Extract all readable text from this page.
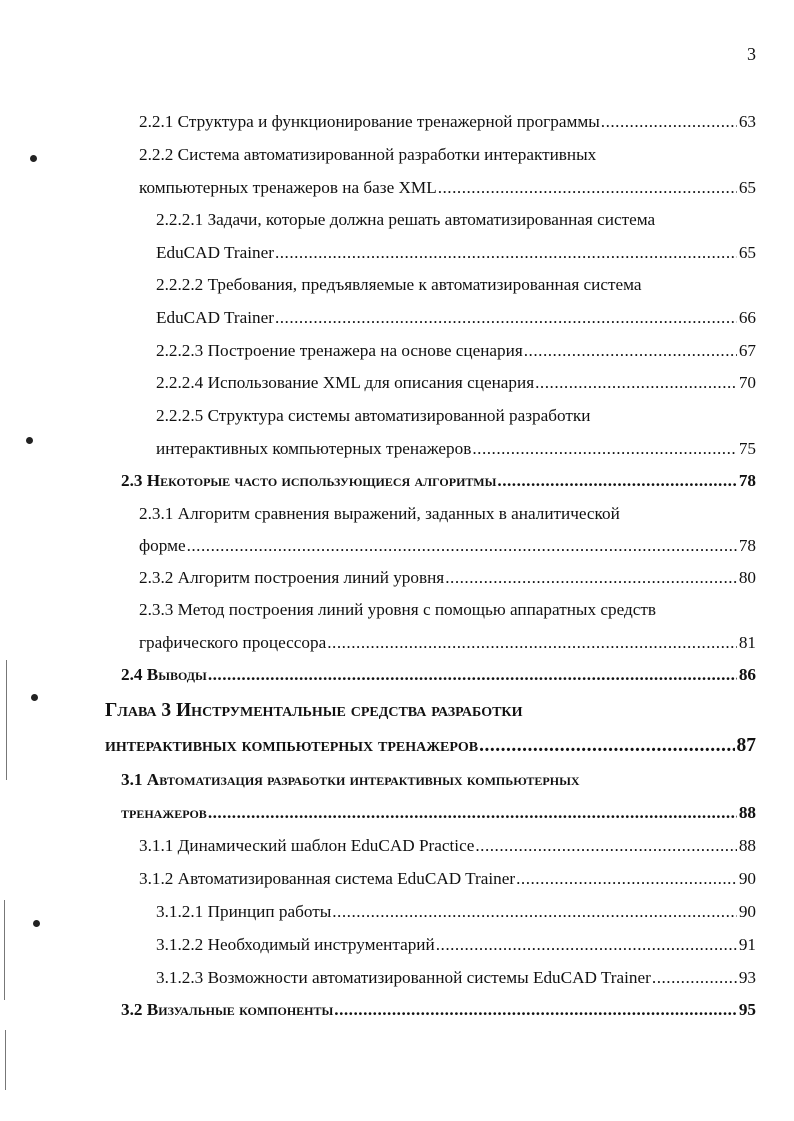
3
2.2.1 Структура и функционирование тренажерной программы .....	63
2.2.2 Система автоматизированной разработки интерактивных
компьютерных тренажеров на базе XML .....	65
2.2.2.1 Задачи, которые должна решать автоматизированная система
EduCAD Trainer .....	65
2.2.2.2 Требования, предъявляемые к автоматизированная система
EduCAD Trainer .....	66
2.2.2.3 Построение тренажера на основе сценария .....	67
2.2.2.4 Использование XML для описания сценария .....	70
2.2.2.5 Структура системы автоматизированной разработки
интерактивных компьютерных тренажеров .....	75
2.3 Некоторые часто использующиеся алгоритмы .....	78
2.3.1 Алгоритм сравнения выражений, заданных в аналитической
форме .....	78
2.3.2 Алгоритм построения линий уровня .....	80
2.3.3 Метод построения линий уровня с помощью аппаратных средств
графического процессора .....	81
2.4 Выводы .....	86
Глава 3 Инструментальные средства разработки
интерактивных компьютерных тренажеров .....	87
3.1 Автоматизация разработки интерактивных компьютерных
тренажеров .....	88
3.1.1 Динамический шаблон EduCAD Practice .....	88
3.1.2 Автоматизированная система EduCAD Trainer .....	90
3.1.2.1 Принцип работы .....	90
3.1.2.2 Необходимый инструментарий .....	91
3.1.2.3 Возможности автоматизированной системы EduCAD Trainer .....	93
3.2 Визуальные компоненты .....	95
